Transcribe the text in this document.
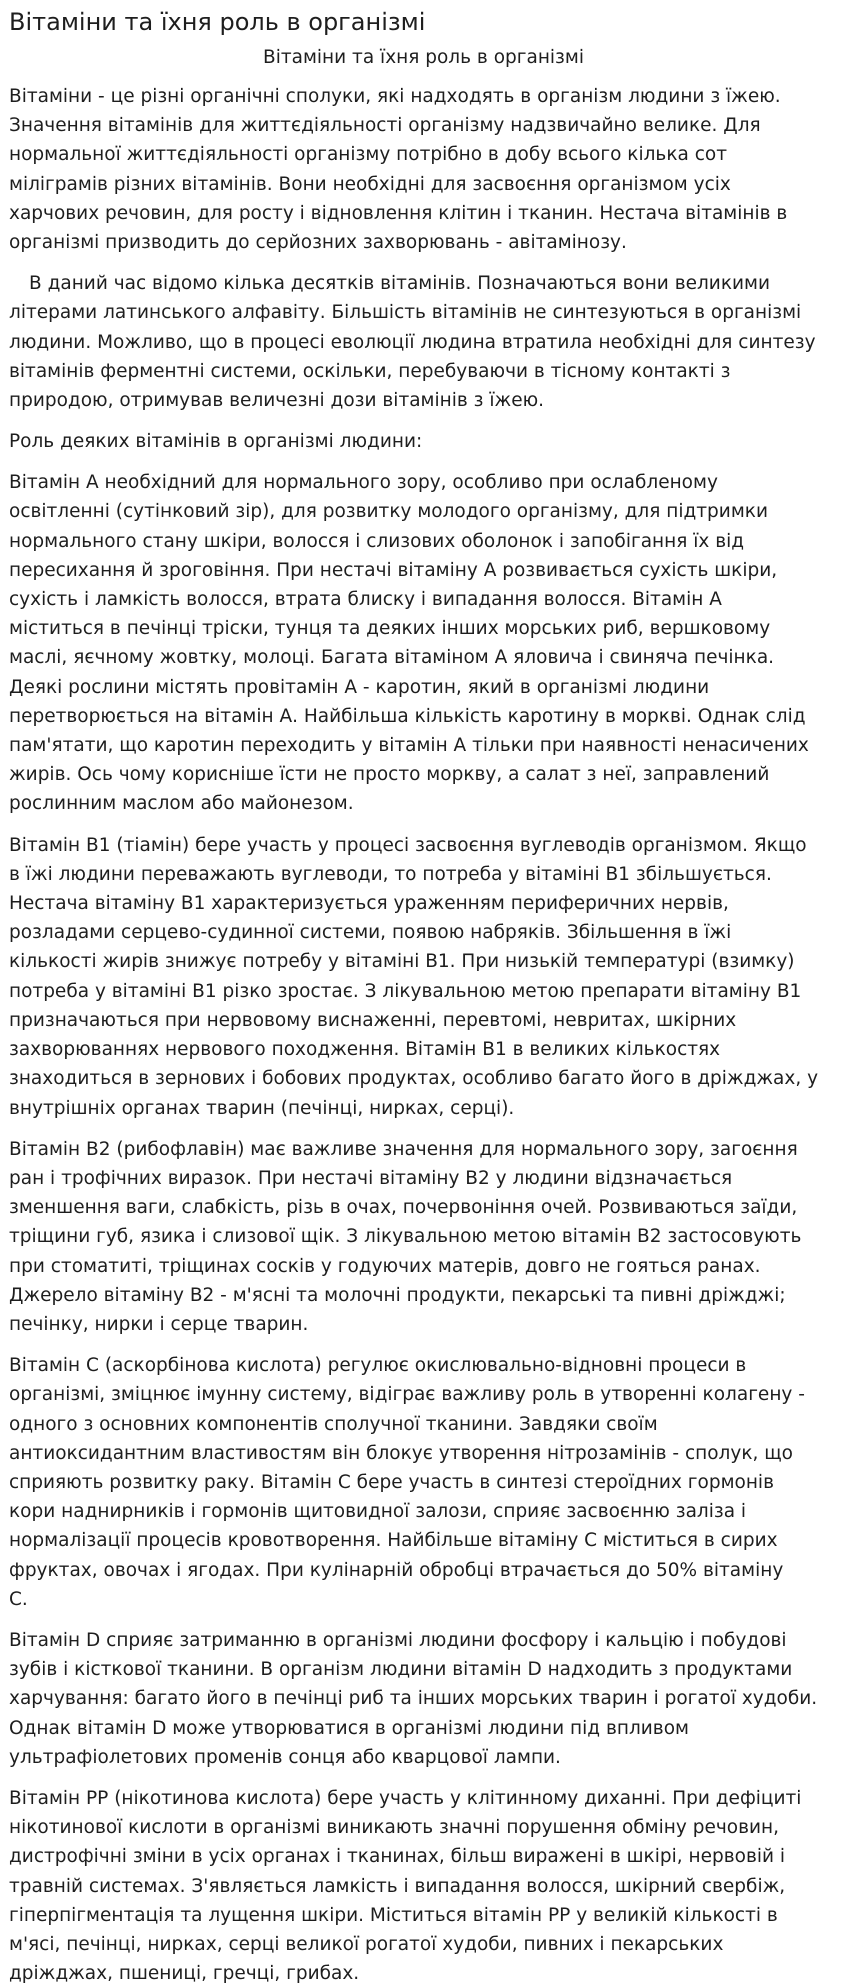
Вітаміни та їхня роль в організмі
Вітаміни та їхня роль в організмі
Вітаміни - це різні органічні сполуки, які надходять в організм людини з їжею.
Значення вітамінів для життєдіяльності організму надзвичайно велике. Для
нормальної життєдіяльності організму потрібно в добу всього кілька сот
міліграмів різних вітамінів. Вони необхідні для засвоєння організмом усіх
харчових речовин, для росту і відновлення клітин і тканин. Нестача вітамінів в
організмі призводить до серйозних захворювань - авітамінозу.
В даний час відомо кілька десятків вітамінів. Позначаються вони великими
літерами латинського алфавіту. Більшість вітамінів не синтезуються в організмі
людини. Можливо, що в процесі еволюції людина втратила необхідні для синтезу
вітамінів ферментні системи, оскільки, перебуваючи в тісному контакті з
природою, отримував величезні дози вітамінів з їжею.
Роль деяких вітамінів в організмі людини:
Вітамін А необхідний для нормального зору, особливо при ослабленому
освітленні (сутінковий зір), для розвитку молодого організму, для підтримки
нормального стану шкіри, волосся і слизових оболонок і запобігання їх від
пересихання й зроговіння. При нестачі вітаміну А розвивається сухість шкіри,
сухість і ламкість волосся, втрата блиску і випадання волосся. Вітамін А
міститься в печінці тріски, тунця та деяких інших морських риб, вершковому
маслі, яєчному жовтку, молоці. Багата вітаміном А яловича і свиняча печінка.
Деякі рослини містять провітамін А - каротин, який в організмі людини
перетворюється на вітамін А. Найбільша кількість каротину в моркві. Однак слід
пам'ятати, що каротин переходить у вітамін А тільки при наявності ненасичених
жирів. Ось чому корисніше їсти не просто моркву, а салат з неї, заправлений
рослинним маслом або майонезом.
Вітамін В1 (тіамін) бере участь у процесі засвоєння вуглеводів організмом. Якщо
в їжі людини переважають вуглеводи, то потреба у вітаміні В1 збільшується.
Нестача вітаміну В1 характеризується ураженням периферичних нервів,
розладами серцево-судинної системи, появою набряків. Збільшення в їжі
кількості жирів знижує потребу у вітаміні В1. При низькій температурі (взимку)
потреба у вітаміні В1 різко зростає. З лікувальною метою препарати вітаміну В1
призначаються при нервовому виснаженні, перевтомі, невритах, шкірних
захворюваннях нервового походження. Вітамін В1 в великих кількостях
знаходиться в зернових і бобових продуктах, особливо багато його в дріжджах, у
внутрішніх органах тварин (печінці, нирках, серці).
Вітамін В2 (рибофлавін) має важливе значення для нормального зору, загоєння
ран і трофічних виразок. При нестачі вітаміну В2 у людини відзначається
зменшення ваги, слабкість, різь в очах, почервоніння очей. Розвиваються заїди,
тріщини губ, язика і слизової щік. З лікувальною метою вітамін В2 застосовують
при стоматиті, тріщинах сосків у годуючих матерів, довго не гояться ранах.
Джерело вітаміну В2 - м'ясні та молочні продукти, пекарські та пивні дріжджі;
печінку, нирки і серце тварин.
Вітамін С (аскорбінова кислота) регулює окислювально-відновні процеси в
організмі, зміцнює імунну систему, відіграє важливу роль в утворенні колагену -
одного з основних компонентів сполучної тканини. Завдяки своїм
антиоксидантним властивостям він блокує утворення нітрозамінів - сполук, що
сприяють розвитку раку. Вітамін С бере участь в синтезі стероїдних гормонів
кори наднирників і гормонів щитовидної залози, сприяє засвоєнню заліза і
нормалізації процесів кровотворення. Найбільше вітаміну С міститься в сирих
фруктах, овочах і ягодах. При кулінарній обробці втрачається до 50% вітаміну
С.
Вітамін D сприяє затриманню в організмі людини фосфору і кальцію і побудові
зубів і кісткової тканини. В організм людини вітамін D надходить з продуктами
харчування: багато його в печінці риб та інших морських тварин і рогатої худоби.
Однак вітамін D може утворюватися в організмі людини під впливом
ультрафіолетових променів сонця або кварцової лампи.
Вітамін РР (нікотинова кислота) бере участь у клітинному диханні. При дефіциті
нікотинової кислоти в організмі виникають значні порушення обміну речовин,
дистрофічні зміни в усіх органах і тканинах, більш виражені в шкірі, нервовій і
травній системах. З'являється ламкість і випадання волосся, шкірний свербіж,
гіперпігментація та лущення шкіри. Міститься вітамін РР у великій кількості в
м'ясі, печінці, нирках, серці великої рогатої худоби, пивних і пекарських
дріжджах, пшениці, гречці, грибах.
